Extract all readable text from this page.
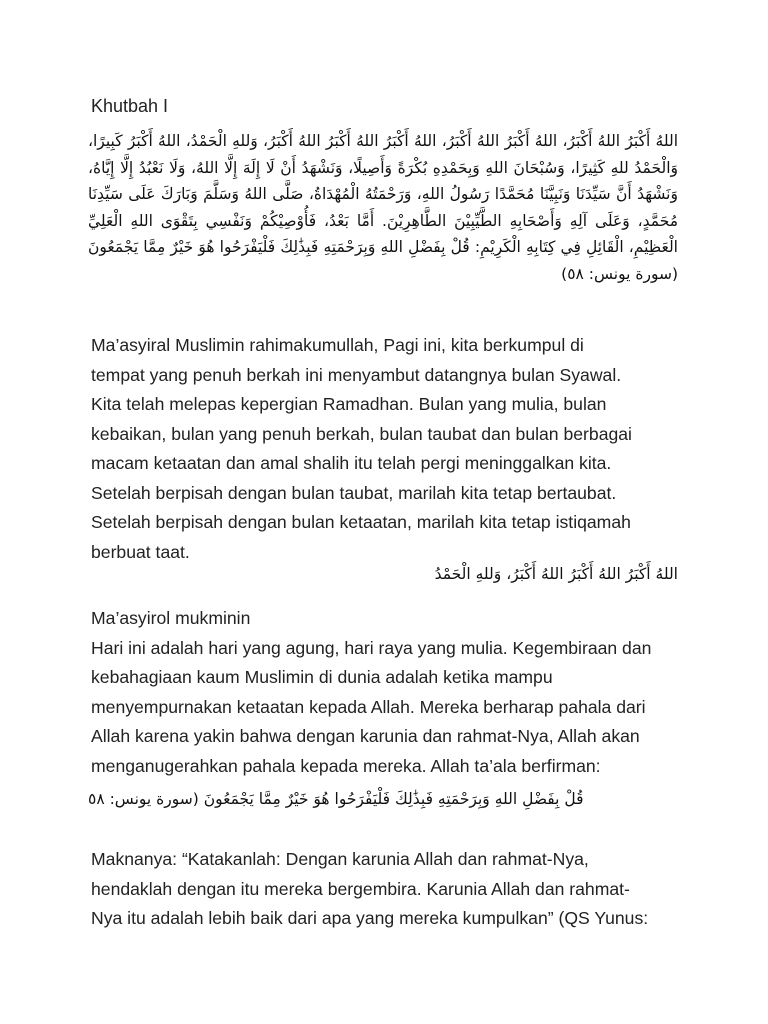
Khutbah I
اللهُ أَكْبَرُ اللهُ أَكْبَرُ، اللهُ أَكْبَرُ اللهُ أَكْبَرُ، اللهُ أَكْبَرُ اللهُ أَكْبَرُ اللهُ أَكْبَرُ، وَللهِ الْحَمْدُ، اللهُ أَكْبَرُ كَبِيرًا، وَالْحَمْدُ للهِ كَثِيرًا، وَسُبْحَانَ اللهِ وَبِحَمْدِهِ بُكْرَةً وَأَصِيلًا، وَنَشْهَدُ أَنْ لَا إِلَهَ إِلَّا اللهُ، وَلَا نَعْبُدُ إِلَّا إِيَّاهُ، وَنَشْهَدُ أَنَّ سَيِّدَنَا وَنَبِيَّنَا مُحَمَّدًا رَسُولُ اللهِ، وَرَحْمَتُهُ الْمُهْدَاةُ، صَلَّى اللهُ وَسَلَّمَ وَبَارَكَ عَلَى سَيِّدِنَا مُحَمَّدٍ، وَعَلَى آلِهِ وَأَصْحَابِهِ الطَّيِّبِيْنَ الطَّاهِرِيْنَ. أَمَّا بَعْدُ، فَأُوْصِيْكُمْ وَنَفْسِي بِتَقْوَى اللهِ الْعَلِيِّ الْعَظِيْمِ، الْقَائِلِ فِي كِتَابِهِ الْكَرِيْمِ: قُلْ بِفَضْلِ اللهِ وَبِرَحْمَتِهِ فَبِذَٰلِكَ فَلْيَفْرَحُوا هُوَ خَيْرٌ مِمَّا يَجْمَعُونَ (سورة يونس: ٥٨)
Ma’asyiral Muslimin rahimakumullah, Pagi ini, kita berkumpul di
tempat yang penuh berkah ini menyambut datangnya bulan Syawal.
Kita telah melepas kepergian Ramadhan. Bulan yang mulia, bulan
kebaikan, bulan yang penuh berkah, bulan taubat dan bulan berbagai
macam ketaatan dan amal shalih itu telah pergi meninggalkan kita.
Setelah berpisah dengan bulan taubat, marilah kita tetap bertaubat.
Setelah berpisah dengan bulan ketaatan, marilah kita tetap istiqamah
berbuat taat.
اللهُ أَكْبَرُ اللهُ أَكْبَرُ اللهُ أَكْبَرُ، وَللهِ الْحَمْدُ
Ma’asyirol mukminin
Hari ini adalah hari yang agung, hari raya yang mulia. Kegembiraan dan
kebahagiaan kaum Muslimin di dunia adalah ketika mampu
menyempurnakan ketaatan kepada Allah. Mereka berharap pahala dari
Allah karena yakin bahwa dengan karunia dan rahmat-Nya, Allah akan
menganugerahkan pahala kepada mereka. Allah ta’ala berfirman:
قُلْ بِفَضْلِ اللهِ وَبِرَحْمَتِهِ فَبِذَٰلِكَ فَلْيَفْرَحُوا هُوَ خَيْرٌ مِمَّا يَجْمَعُونَ (سورة يونس: ٥٨
Maknanya: “Katakanlah: Dengan karunia Allah dan rahmat-Nya,
hendaklah dengan itu mereka bergembira. Karunia Allah dan rahmat-
Nya itu adalah lebih baik dari apa yang mereka kumpulkan” (QS Yunus:
